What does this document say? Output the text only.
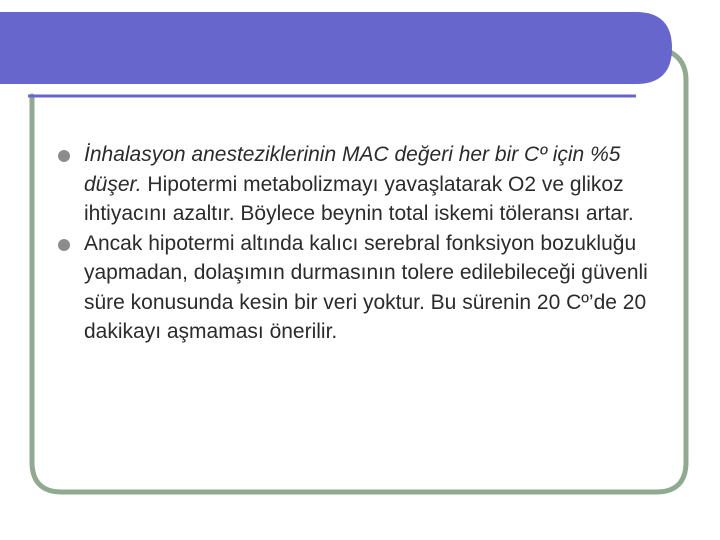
İnhalasyon anesteziklerinin MAC değeri her bir Cº için %5 düşer. Hipotermi metabolizmayı yavaşlatarak O2 ve glikoz ihtiyacını azaltır. Böylece beynin total iskemi töleransı artar.

Ancak hipotermi altında kalıcı serebral fonksiyon bozukluğu yapmadan, dolaşımın durmasının tolere edilebileceği güvenli süre konusunda kesin bir veri yoktur. Bu sürenin 20 Cº’de 20 dakikayı aşmaması önerilir.
